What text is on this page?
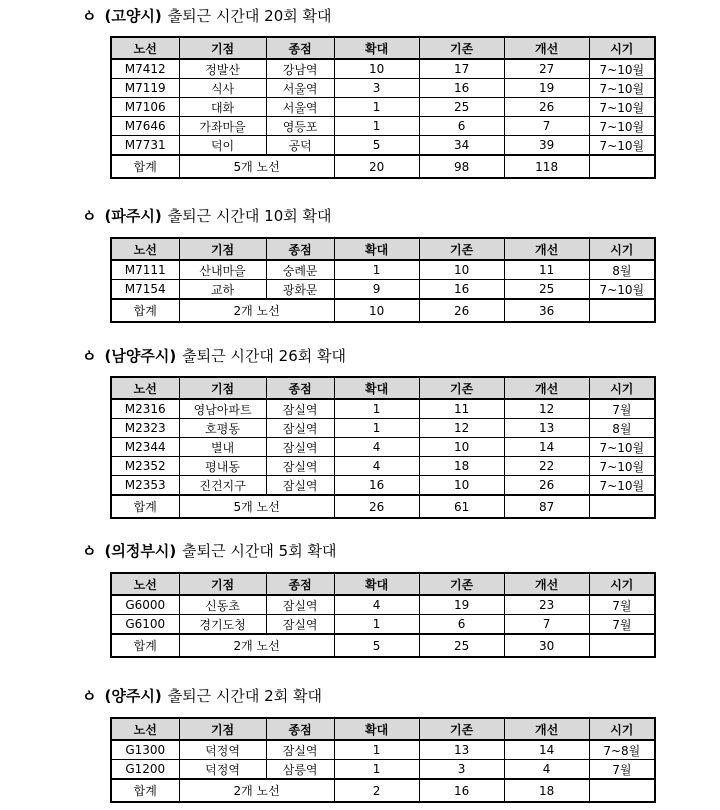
ㆁ (고양시) 출퇴근 시간대 20회 확대
노선	기점	종점	확대	기존	개선	시기
M7412	정발산	강남역	10	17	27	7~10월
M7119	식사	서울역	3	16	19	7~10월
M7106	대화	서울역	1	25	26	7~10월
M7646	가좌마을	영등포	1	6	7	7~10월
M7731	덕이	공덕	5	34	39	7~10월
합계	5개 노선		20	98	118	
ㆁ (파주시) 출퇴근 시간대 10회 확대
노선	기점	종점	확대	기존	개선	시기
M7111	산내마을	숭례문	1	10	11	8월
M7154	교하	광화문	9	16	25	7~10월
합계	2개 노선		10	26	36	
ㆁ (남양주시) 출퇴근 시간대 26회 확대
노선	기점	종점	확대	기존	개선	시기
M2316	영남아파트	잠실역	1	11	12	7월
M2323	호평동	잠실역	1	12	13	8월
M2344	별내	잠실역	4	10	14	7~10월
M2352	평내동	잠실역	4	18	22	7~10월
M2353	진건지구	잠실역	16	10	26	7~10월
합계	5개 노선		26	61	87	
ㆁ (의정부시) 출퇴근 시간대 5회 확대
노선	기점	종점	확대	기존	개선	시기
G6000	신동초	잠실역	4	19	23	7월
G6100	경기도청	잠실역	1	6	7	7월
합계	2개 노선		5	25	30	
ㆁ (양주시) 출퇴근 시간대 2회 확대
노선	기점	종점	확대	기존	개선	시기
G1300	덕정역	잠실역	1	13	14	7~8월
G1200	덕정역	삼릉역	1	3	4	7월
합계	2개 노선		2	16	18	
